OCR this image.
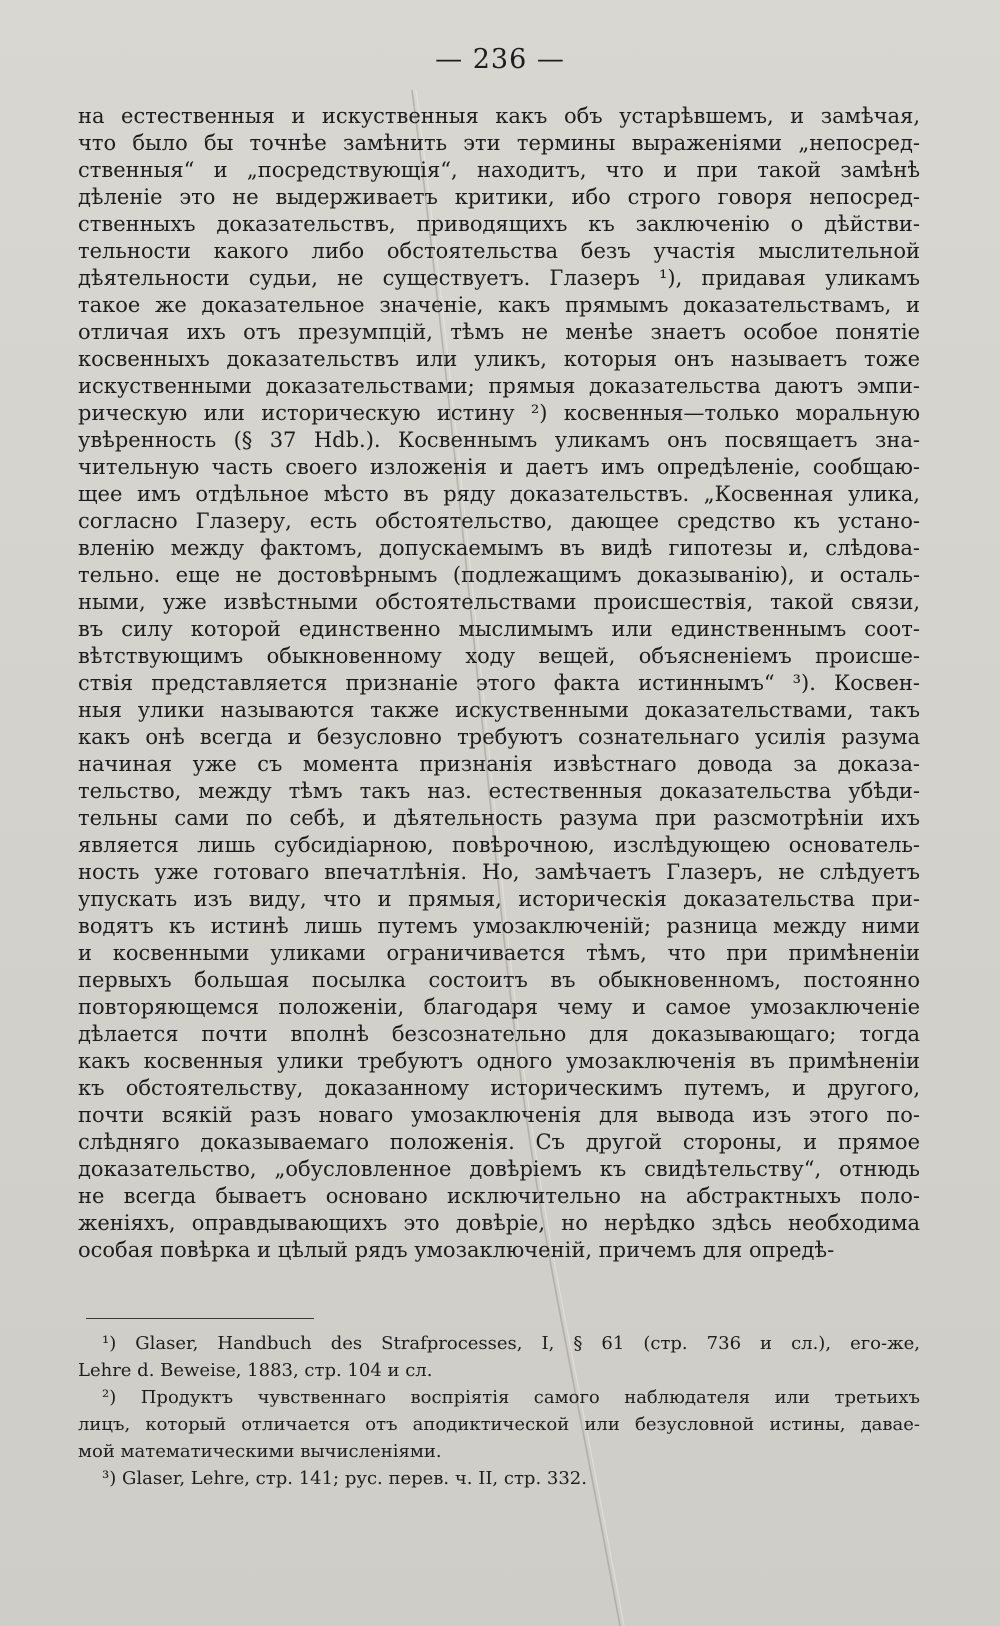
— 236 —
на естественныя и искуственныя какъ объ устарѣвшемъ, и замѣчая,
что было бы точнѣе замѣнить эти термины выраженіями „непосред-
ственныя“ и „посредствующія“, находитъ, что и при такой замѣнѣ
дѣленіе это не выдерживаетъ критики, ибо строго говоря непосред-
ственныхъ доказательствъ, приводящихъ къ заключенію о дѣйстви-
тельности какого либо обстоятельства безъ участія мыслительной
дѣятельности судьи, не существуетъ. Глазеръ ¹), придавая уликамъ
такое же доказательное значеніе, какъ прямымъ доказательствамъ, и
отличая ихъ отъ презумпцій, тѣмъ не менѣе знаетъ особое понятіе
косвенныхъ доказательствъ или уликъ, которыя онъ называетъ тоже
искуственными доказательствами; прямыя доказательства даютъ эмпи-
рическую или историческую истину ²) косвенныя—только моральную
увѣренность (§ 37 Hdb.). Косвеннымъ уликамъ онъ посвящаетъ зна-
чительную часть своего изложенія и даетъ имъ опредѣленіе, сообщаю-
щее имъ отдѣльное мѣсто въ ряду доказательствъ. „Косвенная улика,
согласно Глазеру, есть обстоятельство, дающее средство къ устано-
вленію между фактомъ, допускаемымъ въ видѣ гипотезы и, слѣдова-
тельно. еще не достовѣрнымъ (подлежащимъ доказыванію), и осталь-
ными, уже извѣстными обстоятельствами происшествія, такой связи,
въ силу которой единственно мыслимымъ или единственнымъ соот-
вѣтствующимъ обыкновенному ходу вещей, объясненіемъ происше-
ствія представляется признаніе этого факта истиннымъ“ ³). Косвен-
ныя улики называются также искуственными доказательствами, такъ
какъ онѣ всегда и безусловно требуютъ сознательнаго усилія разума
начиная уже съ момента признанія извѣстнаго довода за доказа-
тельство, между тѣмъ такъ наз. естественныя доказательства убѣди-
тельны сами по себѣ, и дѣятельность разума при разсмотрѣніи ихъ
является лишь субсидіарною, повѣрочною, изслѣдующею основатель-
ность уже готоваго впечатлѣнія. Но, замѣчаетъ Глазеръ, не слѣдуетъ
упускать изъ виду, что и прямыя, историческія доказательства при-
водятъ къ истинѣ лишь путемъ умозаключеній; разница между ними
и косвенными уликами ограничивается тѣмъ, что при примѣненіи
первыхъ большая посылка состоитъ въ обыкновенномъ, постоянно
повторяющемся положеніи, благодаря чему и самое умозаключеніе
дѣлается почти вполнѣ безсознательно для доказывающаго; тогда
какъ косвенныя улики требуютъ одного умозаключенія въ примѣненіи
къ обстоятельству, доказанному историческимъ путемъ, и другого,
почти всякій разъ новаго умозаключенія для вывода изъ этого по-
слѣдняго доказываемаго положенія. Съ другой стороны, и прямое
доказательство, „обусловленное довѣріемъ къ свидѣтельству“, отнюдь
не всегда бываетъ основано исключительно на абстрактныхъ поло-
женіяхъ, оправдывающихъ это довѣріе, но нерѣдко здѣсь необходима
особая повѣрка и цѣлый рядъ умозаключеній, причемъ для опредѣ-
¹) Glaser, Handbuch des Strafprocesses, I, § 61 (стр. 736 и сл.), его-же,
Lehre d. Beweise, 1883, стр. 104 и сл.
²) Продуктъ чувственнаго воспріятія самого наблюдателя или третьихъ
лицъ, который отличается отъ аподиктической или безусловной истины, давае-
мой математическими вычисленіями.
³) Glaser, Lehre, стр. 141; рус. перев. ч. II, стр. 332.
